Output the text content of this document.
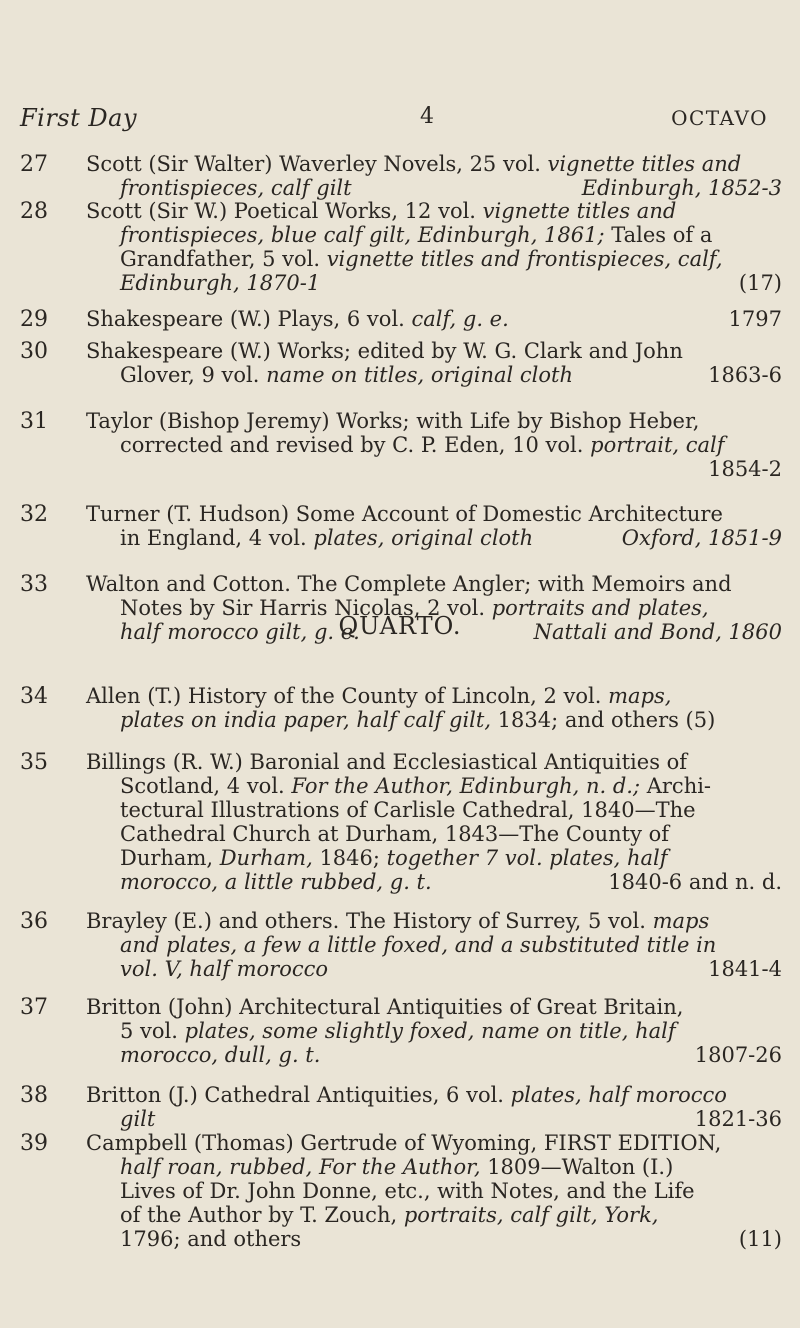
First Day	4	OCTAVO
QUARTO.
27	Scott (Sir Walter) Waverley Novels, 25 vol. vignette titles and
frontispieces, calf gilt	Edinburgh, 1852-3
28	Scott (Sir W.) Poetical Works, 12 vol. vignette titles and
frontispieces, blue calf gilt, Edinburgh, 1861; Tales of a
Grandfather, 5 vol. vignette titles and frontispieces, calf,
Edinburgh, 1870-1	(17)
29	Shakespeare (W.) Plays, 6 vol. calf, g. e.	1797
30	Shakespeare (W.) Works; edited by W. G. Clark and John
Glover, 9 vol. name on titles, original cloth	1863-6
31	Taylor (Bishop Jeremy) Works; with Life by Bishop Heber,
corrected and revised by C. P. Eden, 10 vol. portrait, calf
1854-2
32	Turner (T. Hudson) Some Account of Domestic Architecture
in England, 4 vol. plates, original cloth	Oxford, 1851-9
33	Walton and Cotton. The Complete Angler; with Memoirs and
Notes by Sir Harris Nicolas, 2 vol. portraits and plates,
half morocco gilt, g. e.	Nattali and Bond, 1860
34	Allen (T.) History of the County of Lincoln, 2 vol. maps,
plates on india paper, half calf gilt, 1834; and others (5)
35	Billings (R. W.) Baronial and Ecclesiastical Antiquities of
Scotland, 4 vol. For the Author, Edinburgh, n. d.; Archi-
tectural Illustrations of Carlisle Cathedral, 1840—The
Cathedral Church at Durham, 1843—The County of
Durham, Durham, 1846; together 7 vol. plates, half
morocco, a little rubbed, g. t.	1840-6 and n. d.
36	Brayley (E.) and others. The History of Surrey, 5 vol. maps
and plates, a few a little foxed, and a substituted title in
vol. V, half morocco	1841-4
37	Britton (John) Architectural Antiquities of Great Britain,
5 vol. plates, some slightly foxed, name on title, half
morocco, dull, g. t.	1807-26
38	Britton (J.) Cathedral Antiquities, 6 vol. plates, half morocco
gilt	1821-36
39	Campbell (Thomas) Gertrude of Wyoming, FIRST EDITION,
half roan, rubbed, For the Author, 1809—Walton (I.)
Lives of Dr. John Donne, etc., with Notes, and the Life
of the Author by T. Zouch, portraits, calf gilt, York,
1796; and others	(11)
